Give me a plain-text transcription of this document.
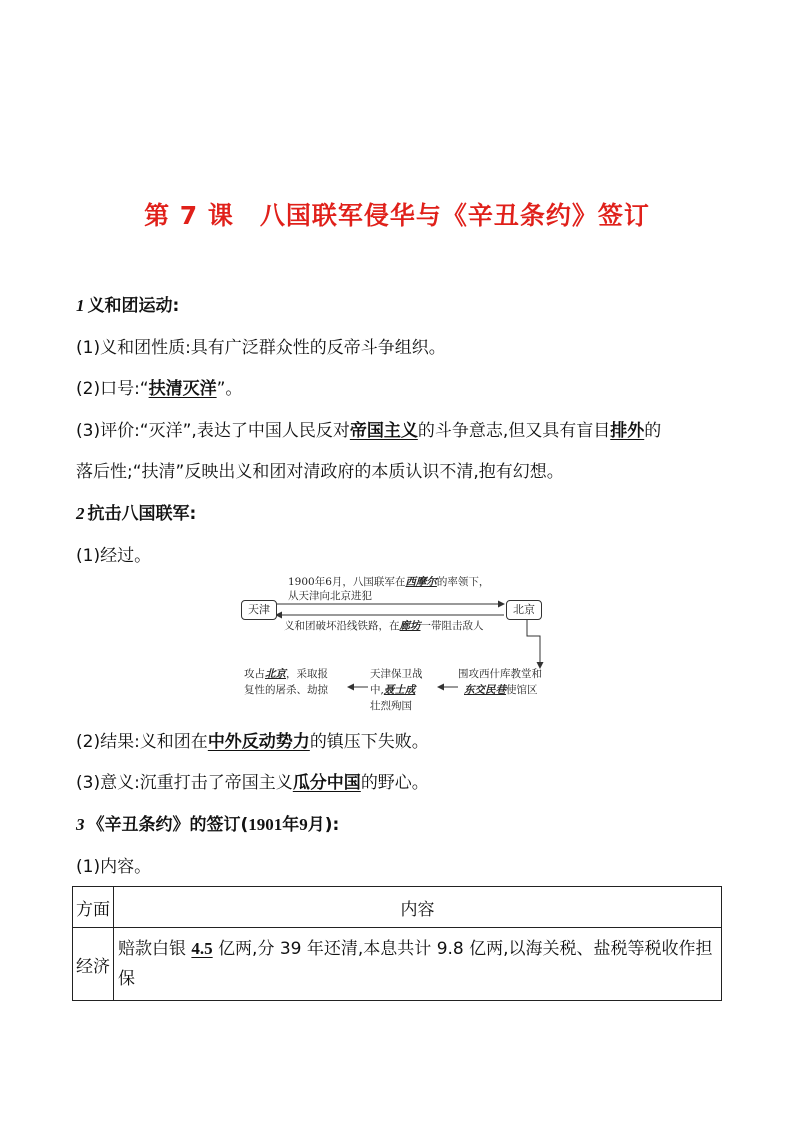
第 7 课　八国联军侵华与《辛丑条约》签订
1 义和团运动:
(1)义和团性质:具有广泛群众性的反帝斗争组织。
(2)口号:“扶清灭洋”。
(3)评价:“灭洋”,表达了中国人民反对帝国主义的斗争意志,但又具有盲目排外的
落后性;“扶清”反映出义和团对清政府的本质认识不清,抱有幻想。
2 抗击八国联军:
(1)经过。
1900年6月，八国联军在西摩尔的率领下，
从天津向北京进犯
天津	北京
义和团破坏沿线铁路，在廊坊一带阻击敌人
攻占北京，采取报
复性的屠杀、劫掠
天津保卫战
中,聂士成
壮烈殉国
围攻西什库教堂和
东交民巷使馆区
(2)结果:义和团在中外反动势力的镇压下失败。
(3)意义:沉重打击了帝国主义瓜分中国的野心。
3 《辛丑条约》的签订(1901年9月):
(1)内容。
方面	内容
经济	赔款白银 4.5 亿两,分 39 年还清,本息共计 9.8 亿两,以海关税、盐税等税收作担保
